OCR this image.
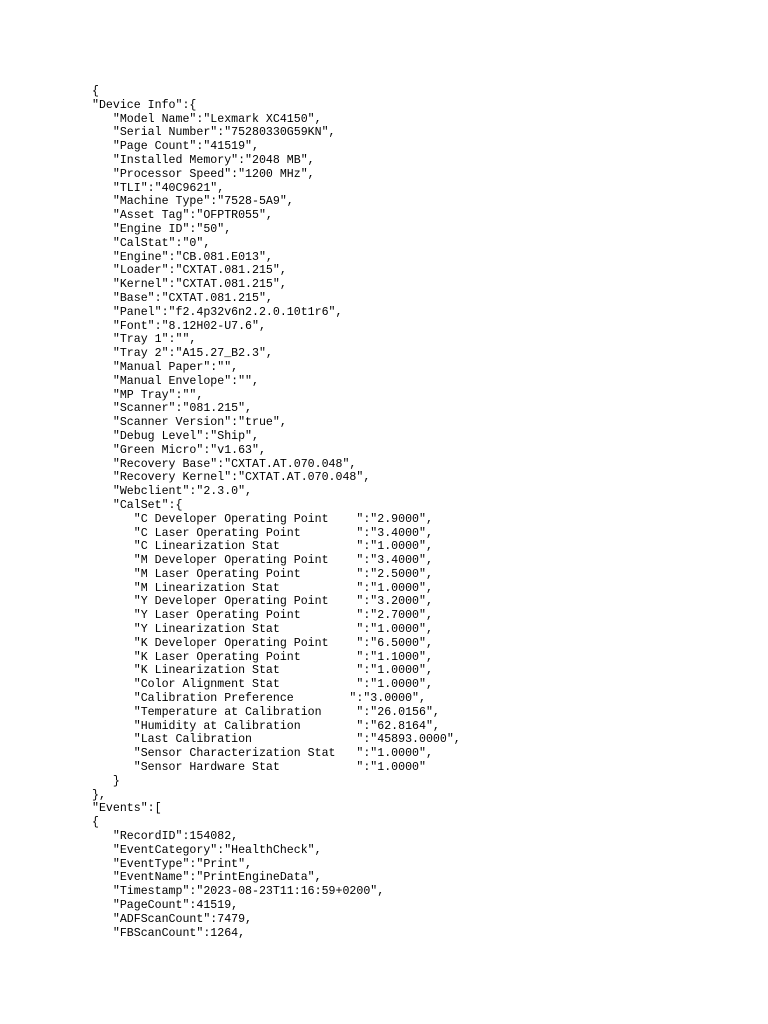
{
"Device Info":{
"Model Name":"Lexmark XC4150",
"Serial Number":"75280330G59KN",
"Page Count":"41519",
"Installed Memory":"2048 MB",
"Processor Speed":"1200 MHz",
"TLI":"40C9621",
"Machine Type":"7528-5A9",
"Asset Tag":"OFPTR055",
"Engine ID":"50",
"CalStat":"0",
"Engine":"CB.081.E013",
"Loader":"CXTAT.081.215",
"Kernel":"CXTAT.081.215",
"Base":"CXTAT.081.215",
"Panel":"f2.4p32v6n2.2.0.10t1r6",
"Font":"8.12H02-U7.6",
"Tray 1":"",
"Tray 2":"A15.27_B2.3",
"Manual Paper":"",
"Manual Envelope":"",
"MP Tray":"",
"Scanner":"081.215",
"Scanner Version":"true",
"Debug Level":"Ship",
"Green Micro":"v1.63",
"Recovery Base":"CXTAT.AT.070.048",
"Recovery Kernel":"CXTAT.AT.070.048",
"Webclient":"2.3.0",
"CalSet":{
"C Developer Operating Point    ":"2.9000",
"C Laser Operating Point        ":"3.4000",
"C Linearization Stat           ":"1.0000",
"M Developer Operating Point    ":"3.4000",
"M Laser Operating Point        ":"2.5000",
"M Linearization Stat           ":"1.0000",
"Y Developer Operating Point    ":"3.2000",
"Y Laser Operating Point        ":"2.7000",
"Y Linearization Stat           ":"1.0000",
"K Developer Operating Point    ":"6.5000",
"K Laser Operating Point        ":"1.1000",
"K Linearization Stat           ":"1.0000",
"Color Alignment Stat           ":"1.0000",
"Calibration Preference        ":"3.0000",
"Temperature at Calibration     ":"26.0156",
"Humidity at Calibration        ":"62.8164",
"Last Calibration               ":"45893.0000",
"Sensor Characterization Stat   ":"1.0000",
"Sensor Hardware Stat           ":"1.0000"
}
},
"Events":[
{
"RecordID":154082,
"EventCategory":"HealthCheck",
"EventType":"Print",
"EventName":"PrintEngineData",
"Timestamp":"2023-08-23T11:16:59+0200",
"PageCount":41519,
"ADFScanCount":7479,
"FBScanCount":1264,
